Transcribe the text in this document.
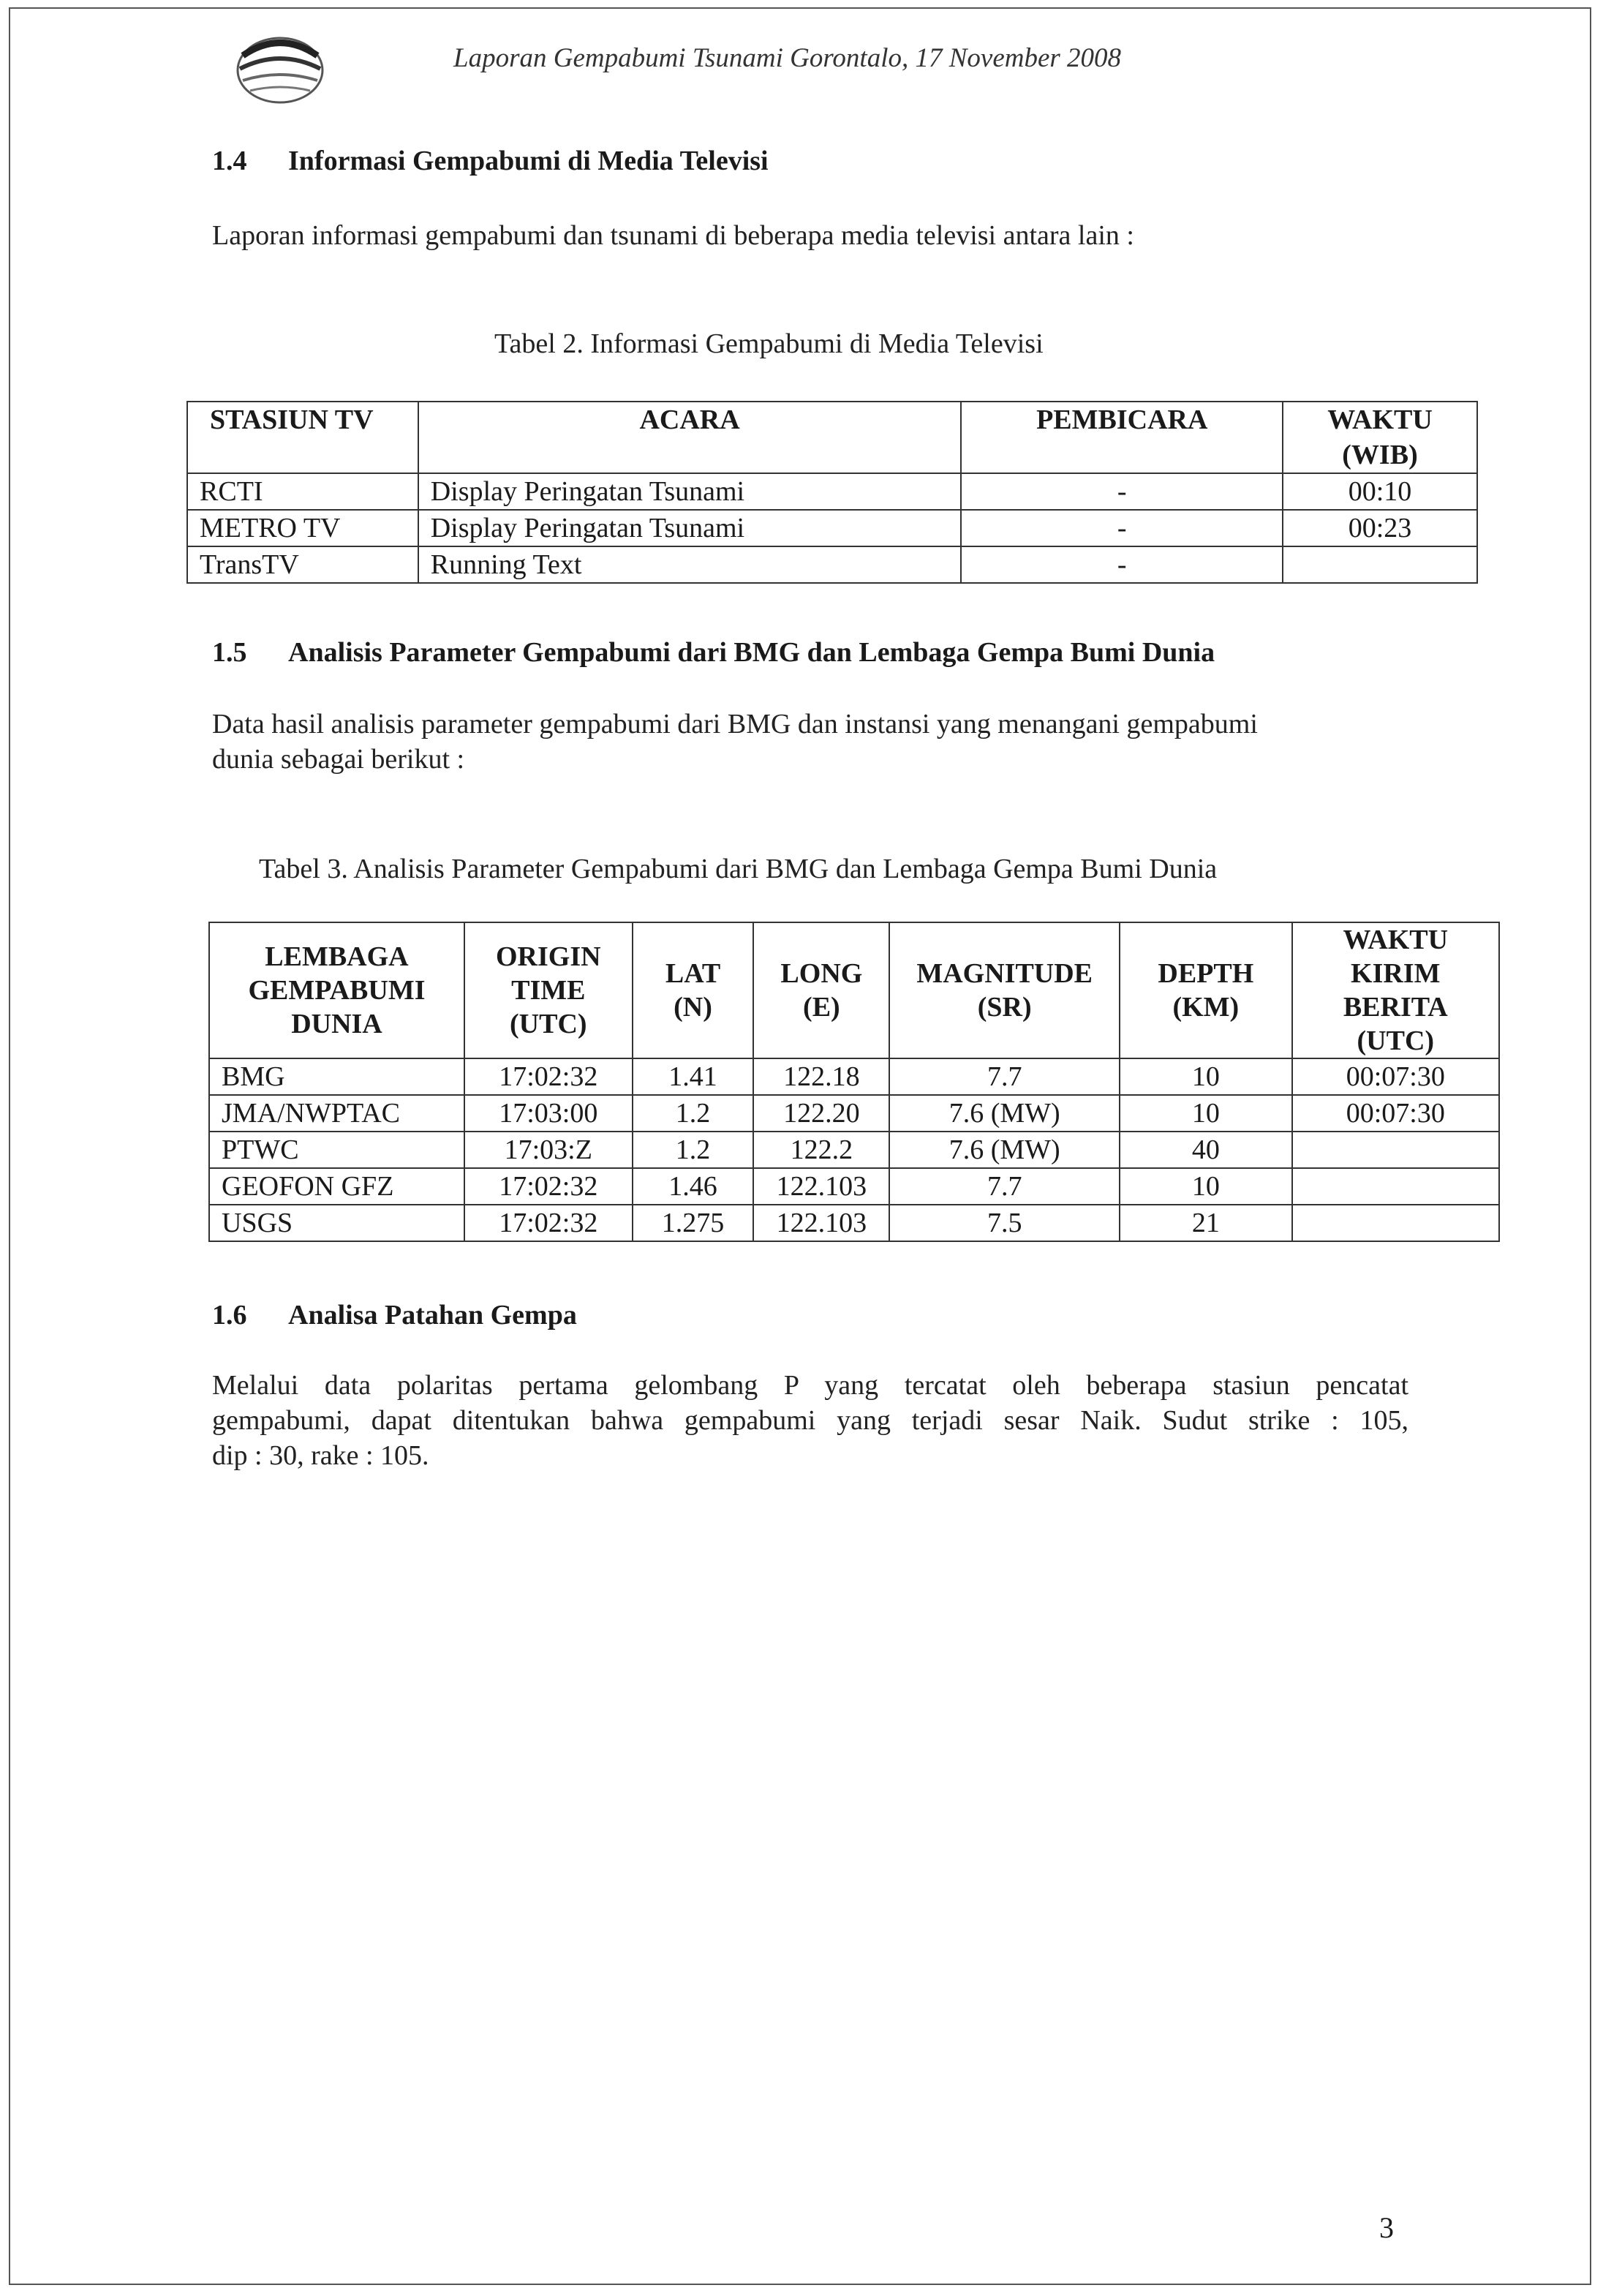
Laporan Gempabumi Tsunami Gorontalo, 17 November 2008
1.4 Informasi Gempabumi di Media Televisi
Laporan informasi gempabumi dan tsunami di beberapa media televisi antara lain :
Tabel 2. Informasi Gempabumi di Media Televisi
STASIUN TV	ACARA	PEMBICARA	WAKTU (WIB)
RCTI	Display Peringatan Tsunami	-	00:10
METRO TV	Display Peringatan Tsunami	-	00:23
TransTV	Running Text	-	
1.5 Analisis Parameter Gempabumi dari BMG dan Lembaga Gempa Bumi Dunia
Data hasil analisis parameter gempabumi dari BMG dan instansi yang menangani gempabumi
dunia sebagai berikut :
Tabel 3. Analisis Parameter Gempabumi dari BMG dan Lembaga Gempa Bumi Dunia
LEMBAGA GEMPABUMI DUNIA	ORIGIN TIME (UTC)	LAT (N)	LONG (E)	MAGNITUDE (SR)	DEPTH (KM)	WAKTU KIRIM BERITA (UTC)
BMG	17:02:32	1.41	122.18	7.7	10	00:07:30
JMA/NWPTAC	17:03:00	1.2	122.20	7.6 (MW)	10	00:07:30
PTWC	17:03:Z	1.2	122.2	7.6 (MW)	40	
GEOFON GFZ	17:02:32	1.46	122.103	7.7	10	
USGS	17:02:32	1.275	122.103	7.5	21	
1.6 Analisa Patahan Gempa
Melalui data polaritas pertama gelombang P yang tercatat oleh beberapa stasiun pencatat
gempabumi, dapat ditentukan bahwa gempabumi yang terjadi sesar Naik. Sudut strike : 105,
dip : 30, rake : 105.
3
